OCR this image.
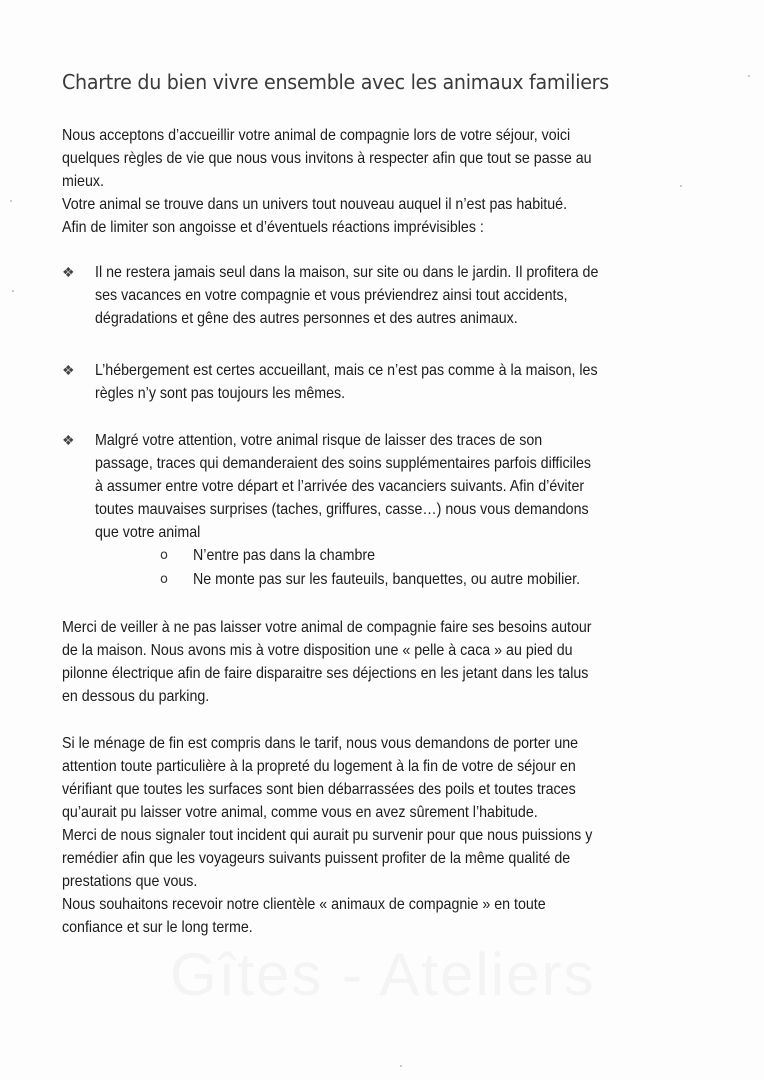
Gîtes - Ateliers
Chartre du bien vivre ensemble avec les animaux familiers
Nous acceptons d’accueillir votre animal de compagnie lors de votre séjour, voici
quelques règles de vie que nous vous invitons à respecter afin que tout se passe au
mieux.
Votre animal se trouve dans un univers tout nouveau auquel il n’est pas habitué.
Afin de limiter son angoisse et d’éventuels réactions imprévisibles :
❖ Il ne restera jamais seul dans la maison, sur site ou dans le jardin. Il profitera de
ses vacances en votre compagnie et vous préviendrez ainsi tout accidents,
dégradations et gêne des autres personnes et des autres animaux.
❖ L’hébergement est certes accueillant, mais ce n’est pas comme à la maison, les
règles n’y sont pas toujours les mêmes.
❖ Malgré votre attention, votre animal risque de laisser des traces de son
passage, traces qui demanderaient des soins supplémentaires parfois difficiles
à assumer entre votre départ et l’arrivée des vacanciers suivants. Afin d’éviter
toutes mauvaises surprises (taches, griffures, casse…) nous vous demandons
que votre animal
o N’entre pas dans la chambre
o Ne monte pas sur les fauteuils, banquettes, ou autre mobilier.
Merci de veiller à ne pas laisser votre animal de compagnie faire ses besoins autour
de la maison. Nous avons mis à votre disposition une « pelle à caca » au pied du
pilonne électrique afin de faire disparaitre ses déjections en les jetant dans les talus
en dessous du parking.
Si le ménage de fin est compris dans le tarif, nous vous demandons de porter une
attention toute particulière à la propreté du logement à la fin de votre de séjour en
vérifiant que toutes les surfaces sont bien débarrassées des poils et toutes traces
qu’aurait pu laisser votre animal, comme vous en avez sûrement l’habitude.
Merci de nous signaler tout incident qui aurait pu survenir pour que nous puissions y
remédier afin que les voyageurs suivants puissent profiter de la même qualité de
prestations que vous.
Nous souhaitons recevoir notre clientèle « animaux de compagnie » en toute
confiance et sur le long terme.
